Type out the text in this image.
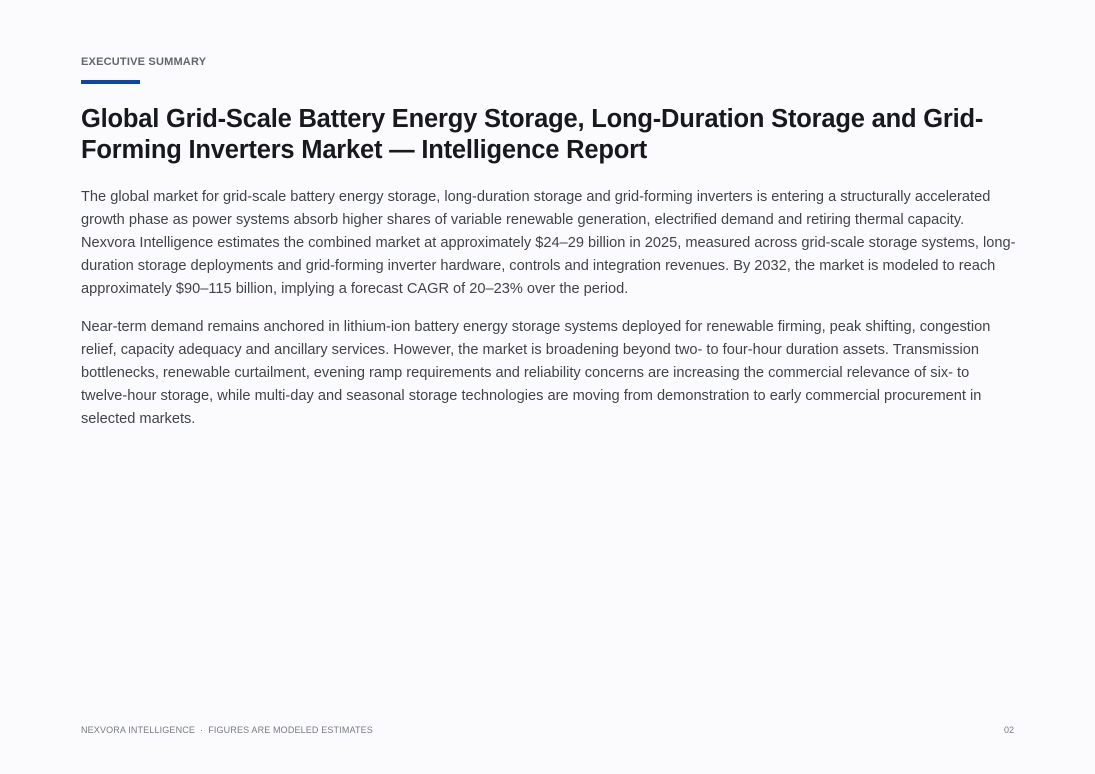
EXECUTIVE SUMMARY
Global Grid-Scale Battery Energy Storage, Long-Duration Storage and Grid-Forming Inverters Market — Intelligence Report

The global market for grid-scale battery energy storage, long-duration storage and grid-forming inverters is entering a structurally accelerated growth phase as power systems absorb higher shares of variable renewable generation, electrified demand and retiring thermal capacity. Nexvora Intelligence estimates the combined market at approximately $24–29 billion in 2025, measured across grid-scale storage systems, long-duration storage deployments and grid-forming inverter hardware, controls and integration revenues. By 2032, the market is modeled to reach approximately $90–115 billion, implying a forecast CAGR of 20–23% over the period.

Near-term demand remains anchored in lithium-ion battery energy storage systems deployed for renewable firming, peak shifting, congestion relief, capacity adequacy and ancillary services. However, the market is broadening beyond two- to four-hour duration assets. Transmission bottlenecks, renewable curtailment, evening ramp requirements and reliability concerns are increasing the commercial relevance of six- to twelve-hour storage, while multi-day and seasonal storage technologies are moving from demonstration to early commercial procurement in selected markets.

NEXVORA INTELLIGENCE · FIGURES ARE MODELED ESTIMATES	02
